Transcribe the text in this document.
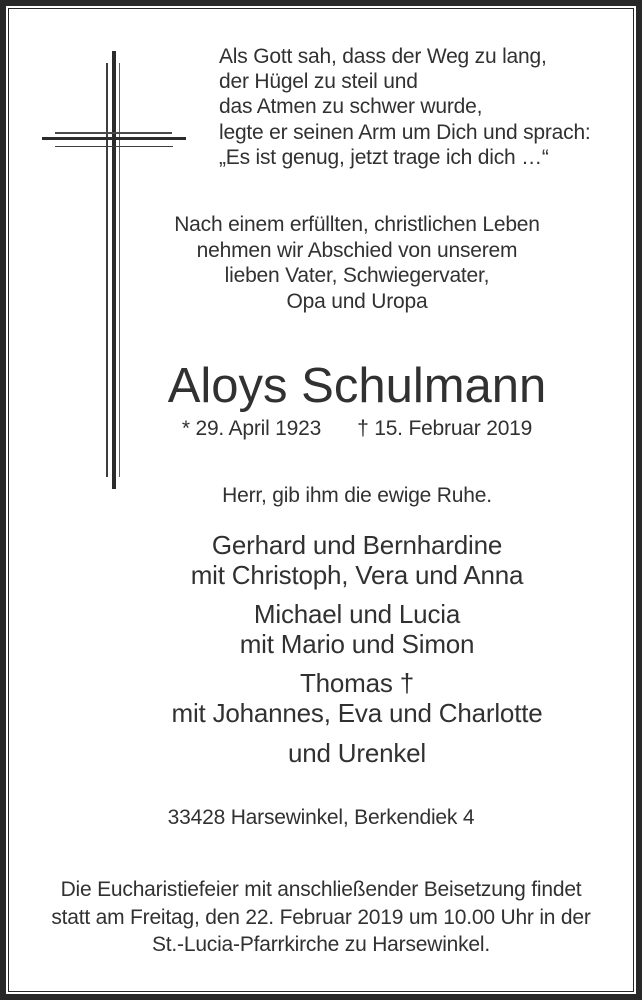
Als Gott sah, dass der Weg zu lang,
der Hügel zu steil und
das Atmen zu schwer wurde,
legte er seinen Arm um Dich und sprach:
„Es ist genug, jetzt trage ich dich …“
Nach einem erfüllten, christlichen Leben
nehmen wir Abschied von unserem
lieben Vater, Schwiegervater,
Opa und Uropa
Aloys Schulmann
* 29. April 1923 † 15. Februar 2019
Herr, gib ihm die ewige Ruhe.
Gerhard und Bernhardine
mit Christoph, Vera und Anna
Michael und Lucia
mit Mario und Simon
Thomas †
mit Johannes, Eva und Charlotte
und Urenkel
33428 Harsewinkel, Berkendiek 4
Die Eucharistiefeier mit anschließender Beisetzung findet
statt am Freitag, den 22. Februar 2019 um 10.00 Uhr in der
St.-Lucia-Pfarrkirche zu Harsewinkel.
